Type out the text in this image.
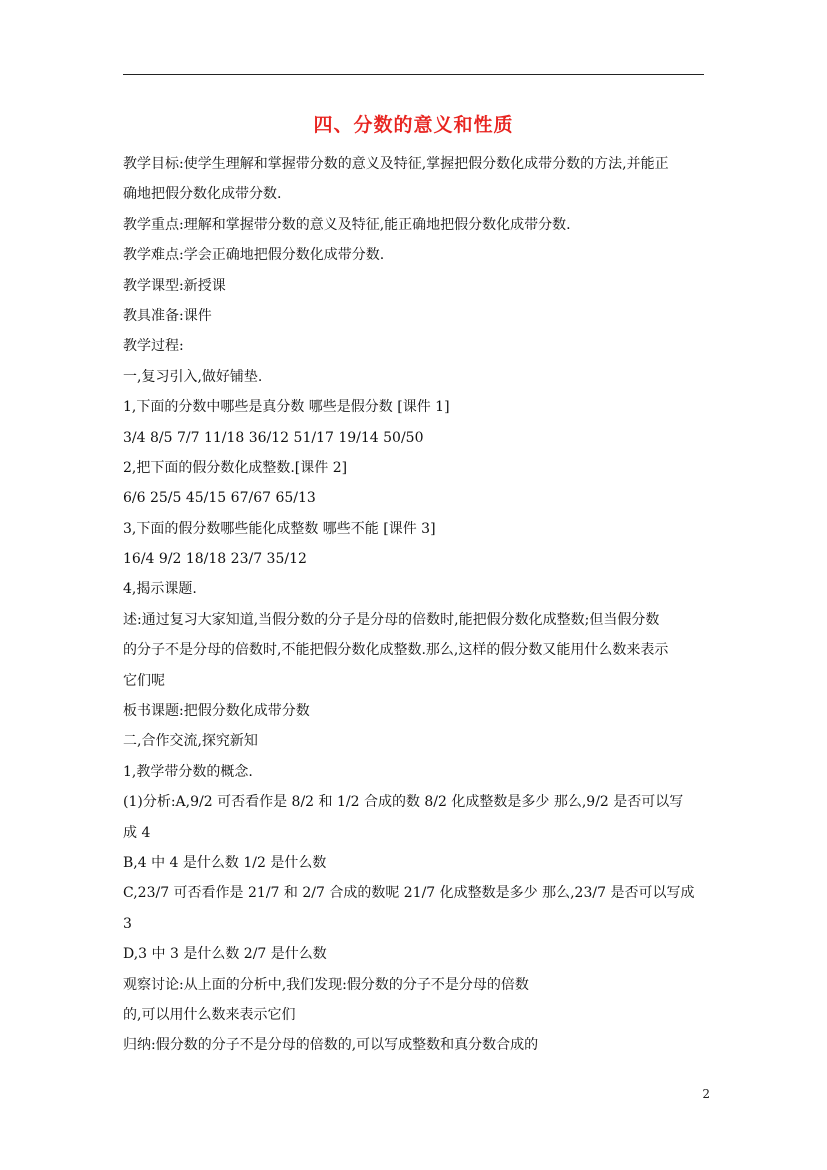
四、分数的意义和性质
教学目标:使学生理解和掌握带分数的意义及特征,掌握把假分数化成带分数的方法,并能正
确地把假分数化成带分数.
教学重点:理解和掌握带分数的意义及特征,能正确地把假分数化成带分数.
教学难点:学会正确地把假分数化成带分数.
教学课型:新授课
教具准备:课件
教学过程:
一,复习引入,做好铺垫.
1,下面的分数中哪些是真分数 哪些是假分数 [课件 1]
3/4 8/5 7/7 11/18 36/12 51/17 19/14 50/50
2,把下面的假分数化成整数.[课件 2]
6/6 25/5 45/15 67/67 65/13
3,下面的假分数哪些能化成整数 哪些不能 [课件 3]
16/4 9/2 18/18 23/7 35/12
4,揭示课题.
述:通过复习大家知道,当假分数的分子是分母的倍数时,能把假分数化成整数;但当假分数
的分子不是分母的倍数时,不能把假分数化成整数.那么,这样的假分数又能用什么数来表示
它们呢
板书课题:把假分数化成带分数
二,合作交流,探究新知
1,教学带分数的概念.
(1)分析:A,9/2 可否看作是 8/2 和 1/2 合成的数 8/2 化成整数是多少 那么,9/2 是否可以写
成 4
B,4 中 4 是什么数 1/2 是什么数
C,23/7 可否看作是 21/7 和 2/7 合成的数呢 21/7 化成整数是多少 那么,23/7 是否可以写成
3
D,3 中 3 是什么数 2/7 是什么数
观察讨论:从上面的分析中,我们发现:假分数的分子不是分母的倍数
的,可以用什么数来表示它们
归纳:假分数的分子不是分母的倍数的,可以写成整数和真分数合成的
2
